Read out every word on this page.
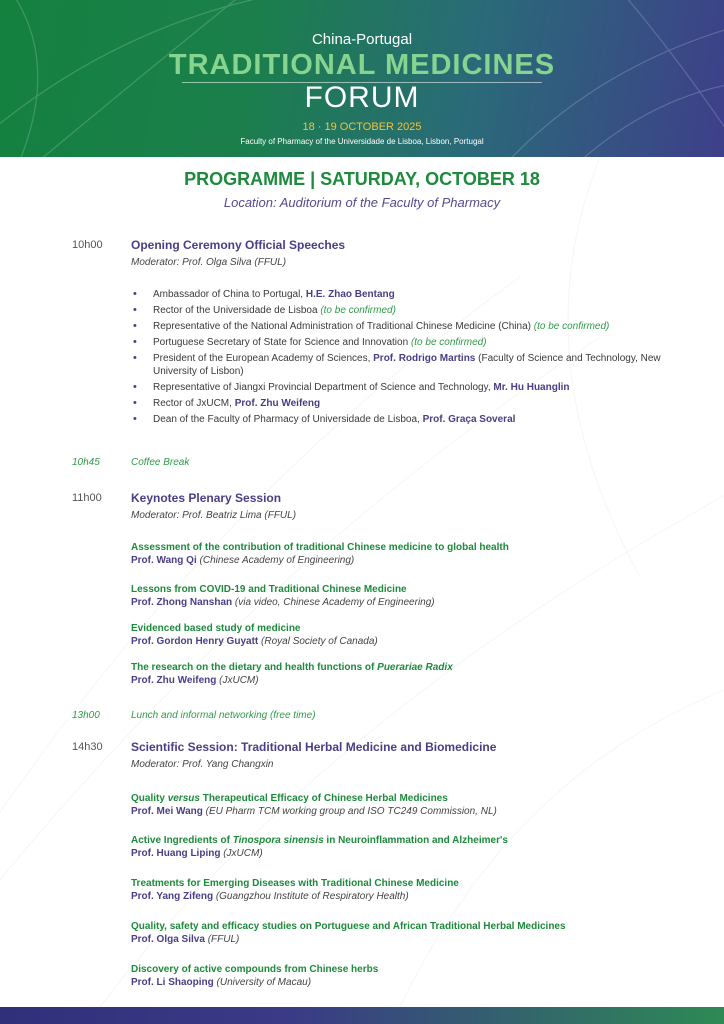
China-Portugal
TRADITIONAL MEDICINES
FORUM
18 · 19 OCTOBER 2025
Faculty of Pharmacy of the Universidade de Lisboa, Lisbon, Portugal
PROGRAMME | SATURDAY, OCTOBER 18
Location: Auditorium of the Faculty of Pharmacy
10h00 Opening Ceremony Official Speeches
Moderator: Prof. Olga Silva (FFUL)
• Ambassador of China to Portugal, H.E. Zhao Bentang
• Rector of the Universidade de Lisboa (to be confirmed)
• Representative of the National Administration of Traditional Chinese Medicine (China) (to be confirmed)
• Portuguese Secretary of State for Science and Innovation (to be confirmed)
• President of the European Academy of Sciences, Prof. Rodrigo Martins (Faculty of Science and Technology, New University of Lisbon)
• Representative of Jiangxi Provincial Department of Science and Technology, Mr. Hu Huanglin
• Rector of JxUCM, Prof. Zhu Weifeng
• Dean of the Faculty of Pharmacy of Universidade de Lisboa, Prof. Graça Soveral
10h45	Coffee Break
11h00 Keynotes Plenary Session
Moderator: Prof. Beatriz Lima (FFUL)
Assessment of the contribution of traditional Chinese medicine to global health
Prof. Wang Qi (Chinese Academy of Engineering)
Lessons from COVID-19 and Traditional Chinese Medicine
Prof. Zhong Nanshan (via video, Chinese Academy of Engineering)
Evidenced based study of medicine
Prof. Gordon Henry Guyatt (Royal Society of Canada)
The research on the dietary and health functions of Puerariae Radix
Prof. Zhu Weifeng (JxUCM)
13h00	Lunch and informal networking (free time)
14h30 Scientific Session: Traditional Herbal Medicine and Biomedicine
Moderator: Prof. Yang Changxin
Quality versus Therapeutical Efficacy of Chinese Herbal Medicines
Prof. Mei Wang (EU Pharm TCM working group and ISO TC249 Commission, NL)
Active Ingredients of Tinospora sinensis in Neuroinflammation and Alzheimer's
Prof. Huang Liping (JxUCM)
Treatments for Emerging Diseases with Traditional Chinese Medicine
Prof. Yang Zifeng (Guangzhou Institute of Respiratory Health)
Quality, safety and efficacy studies on Portuguese and African Traditional Herbal Medicines
Prof. Olga Silva (FFUL)
Discovery of active compounds from Chinese herbs
Prof. Li Shaoping (University of Macau)
